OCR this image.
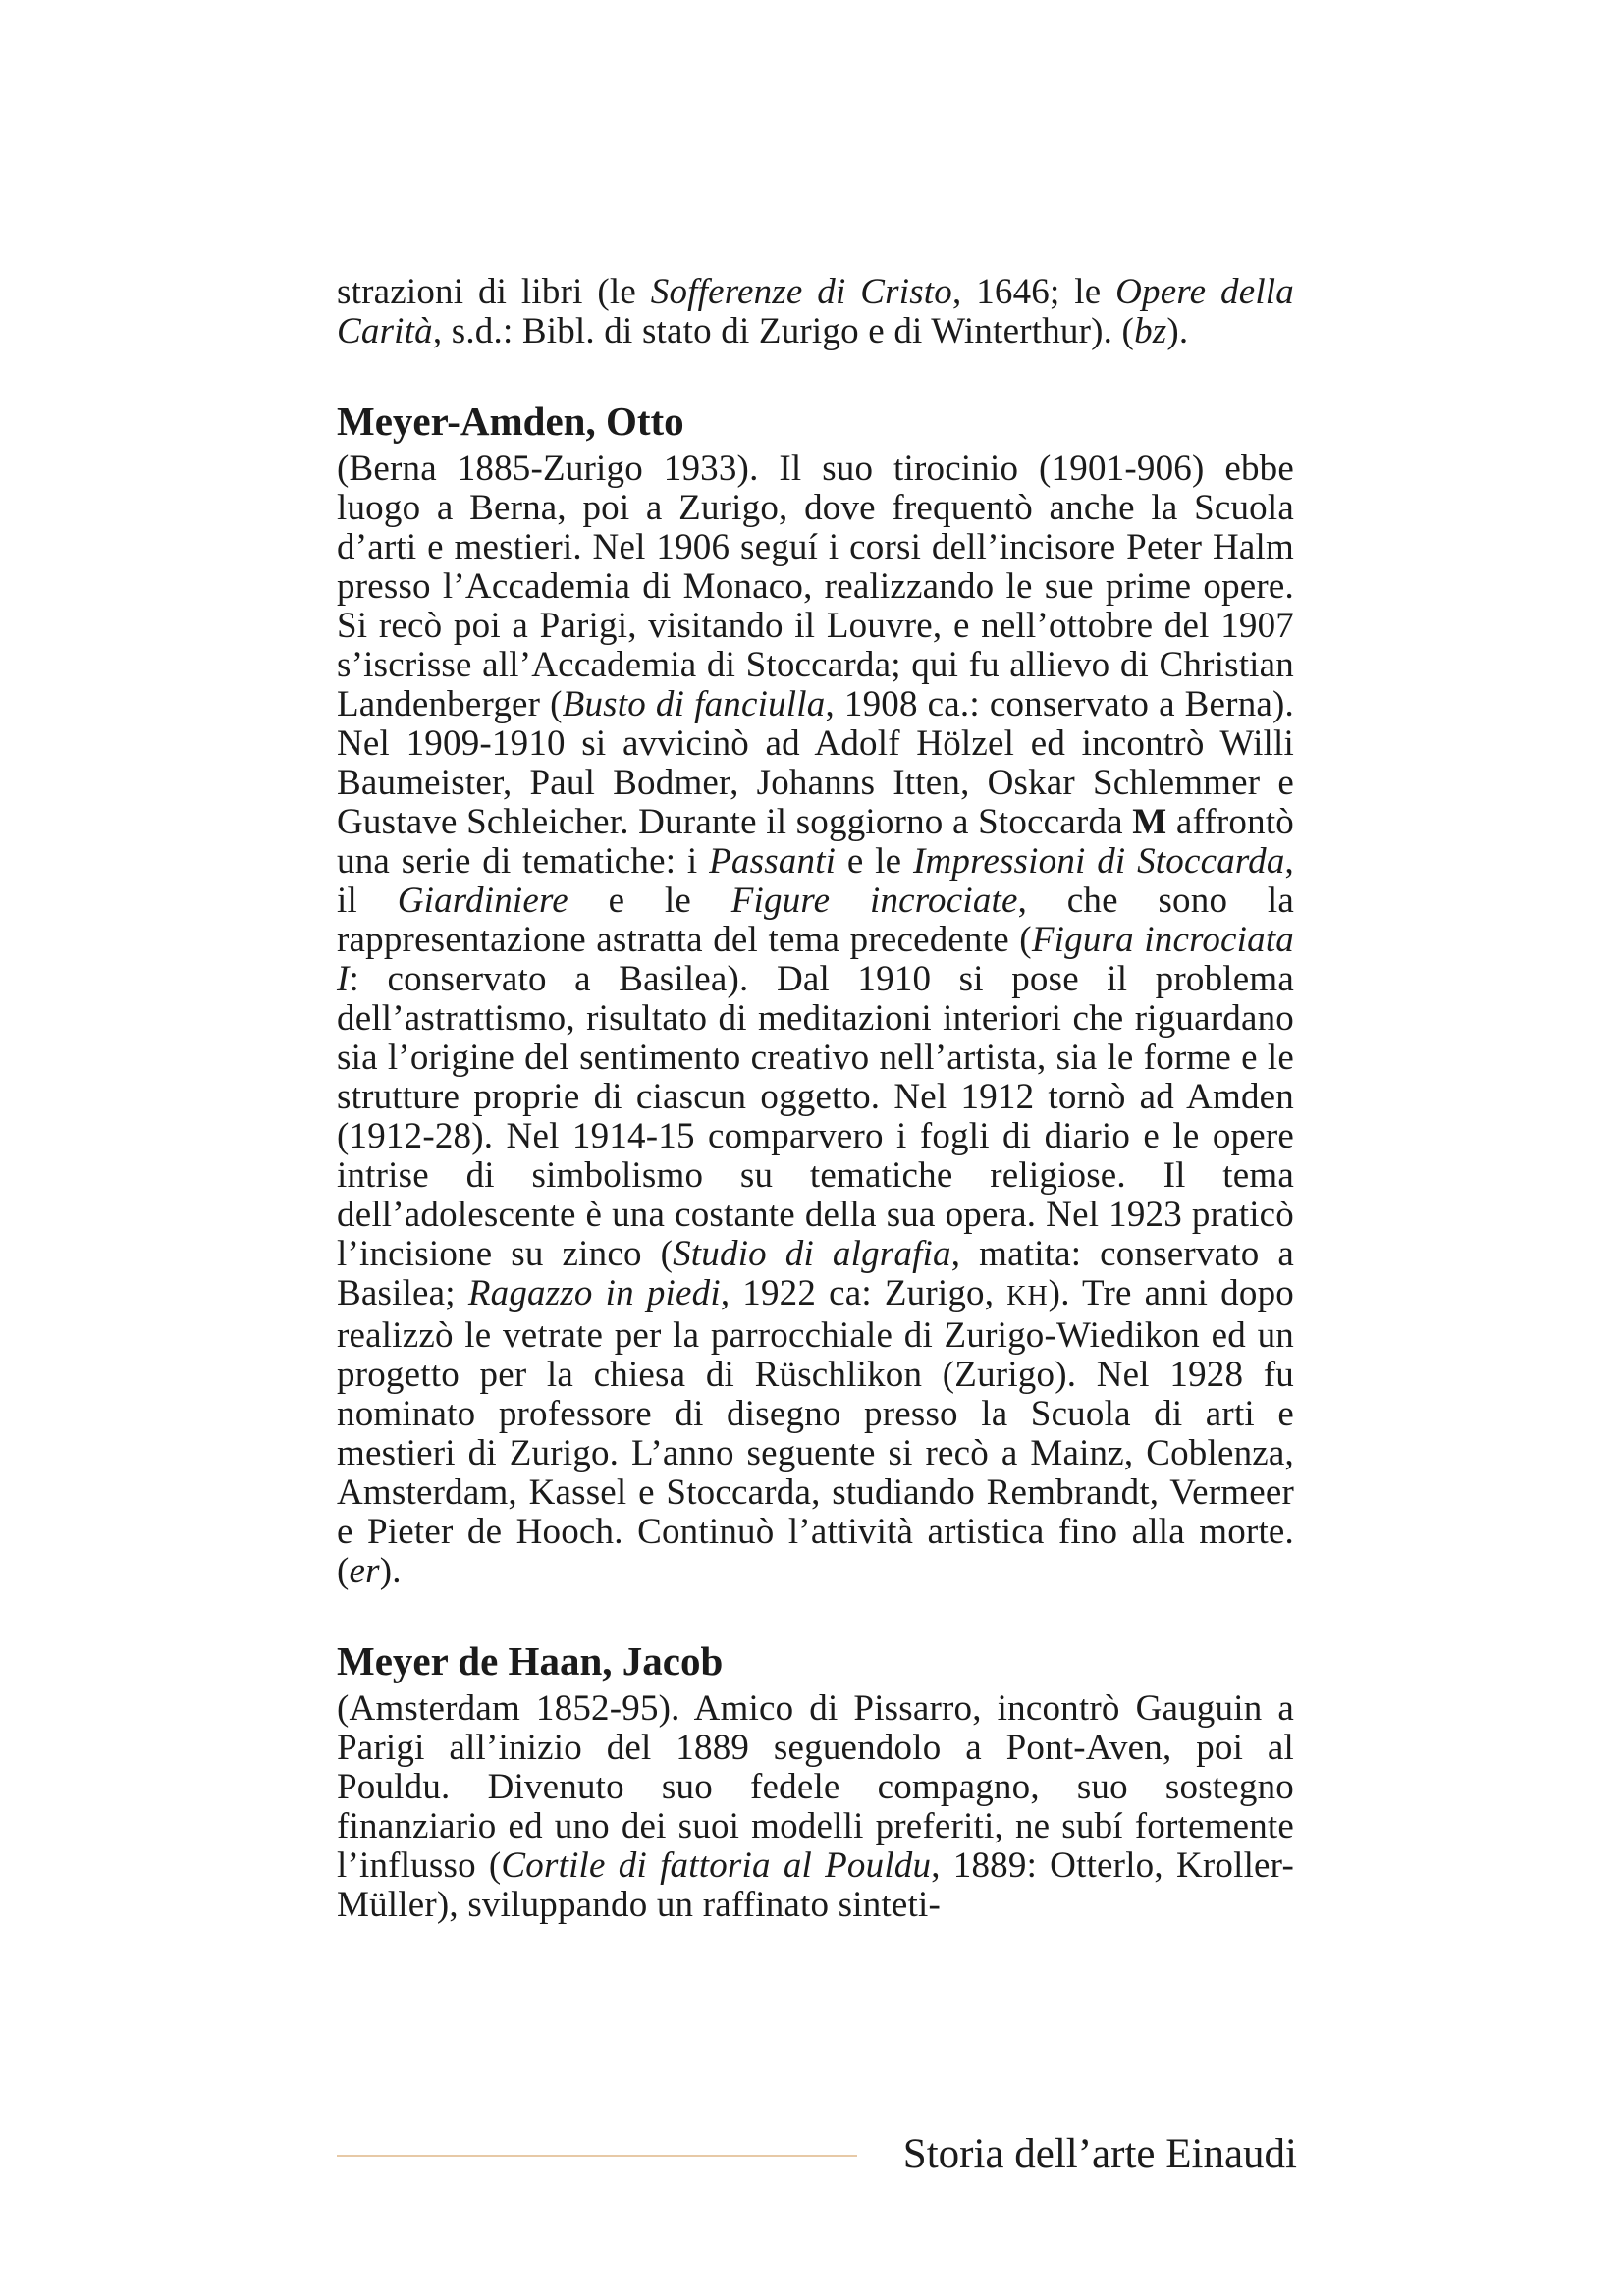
strazioni di libri (le Sofferenze di Cristo, 1646; le Opere della Carità, s.d.: Bibl. di stato di Zurigo e di Winterthur). (bz).

Meyer-Amden, Otto

(Berna 1885-Zurigo 1933). Il suo tirocinio (1901-906) ebbe luogo a Berna, poi a Zurigo, dove frequentò anche la Scuola d’arti e mestieri. Nel 1906 seguí i corsi dell’incisore Peter Halm presso l’Accademia di Monaco, realizzando le sue prime opere. Si recò poi a Parigi, visitando il Louvre, e nell’ottobre del 1907 s’iscrisse all’Accademia di Stoccarda; qui fu allievo di Christian Landenberger (Busto di fanciulla, 1908 ca.: conservato a Berna). Nel 1909-1910 si avvicinò ad Adolf Hölzel ed incontrò Willi Baumeister, Paul Bodmer, Johanns Itten, Oskar Schlemmer e Gustave Schleicher. Durante il soggiorno a Stoccarda M affrontò una serie di tematiche: i Passanti e le Impressioni di Stoccarda, il Giardiniere e le Figure incrociate, che sono la rappresentazione astratta del tema precedente (Figura incrociata I: conservato a Basilea). Dal 1910 si pose il problema dell’astrattismo, risultato di meditazioni interiori che riguardano sia l’origine del sentimento creativo nell’artista, sia le forme e le strutture proprie di ciascun oggetto. Nel 1912 tornò ad Amden (1912-28). Nel 1914-15 comparvero i fogli di diario e le opere intrise di simbolismo su tematiche religiose. Il tema dell’adolescente è una costante della sua opera. Nel 1923 praticò l’incisione su zinco (Studio di algrafia, matita: conservato a Basilea; Ragazzo in piedi, 1922 ca: Zurigo, KH). Tre anni dopo realizzò le vetrate per la parrocchiale di Zurigo-Wiedikon ed un progetto per la chiesa di Rüschlikon (Zurigo). Nel 1928 fu nominato professore di disegno presso la Scuola di arti e mestieri di Zurigo. L’anno seguente si recò a Mainz, Coblenza, Amsterdam, Kassel e Stoccarda, studiando Rembrandt, Vermeer e Pieter de Hooch. Continuò l’attività artistica fino alla morte. (er).

Meyer de Haan, Jacob

(Amsterdam 1852-95). Amico di Pissarro, incontrò Gauguin a Parigi all’inizio del 1889 seguendolo a Pont-Aven, poi al Pouldu. Divenuto suo fedele compagno, suo sostegno finanziario ed uno dei suoi modelli preferiti, ne subí fortemente l’influsso (Cortile di fattoria al Pouldu, 1889: Otterlo, Kroller-Müller), sviluppando un raffinato sinteti-

Storia dell’arte Einaudi
